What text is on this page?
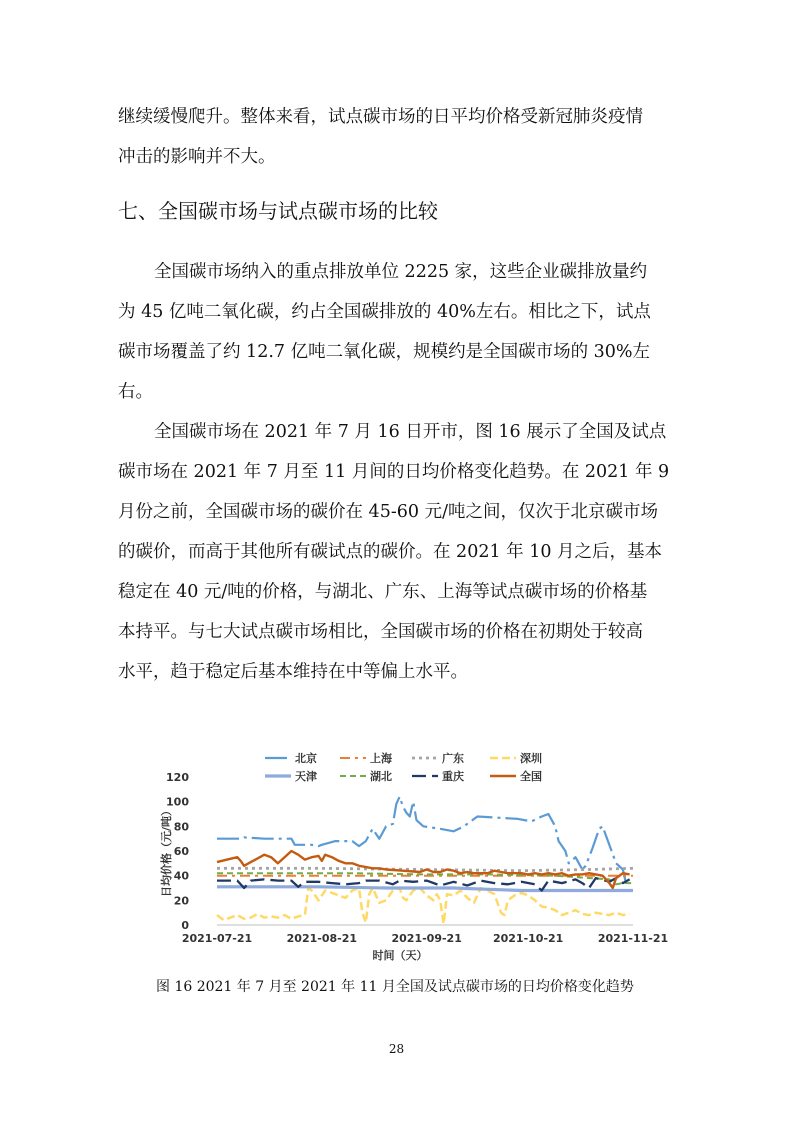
继续缓慢爬升。整体来看，试点碳市场的日平均价格受新冠肺炎疫情
冲击的影响并不大。
七、全国碳市场与试点碳市场的比较
全国碳市场纳入的重点排放单位 2225 家，这些企业碳排放量约
为 45 亿吨二氧化碳，约占全国碳排放的 40%左右。相比之下，试点
碳市场覆盖了约 12.7 亿吨二氧化碳，规模约是全国碳市场的 30%左
右。
全国碳市场在 2021 年 7 月 16 日开市，图 16 展示了全国及试点
碳市场在 2021 年 7 月至 11 月间的日均价格变化趋势。在 2021 年 9
月份之前，全国碳市场的碳价在 45-60 元/吨之间，仅次于北京碳市场
的碳价，而高于其他所有碳试点的碳价。在 2021 年 10 月之后，基本
稳定在 40 元/吨的价格，与湖北、广东、上海等试点碳市场的价格基
本持平。与七大试点碳市场相比，全国碳市场的价格在初期处于较高
水平，趋于稳定后基本维持在中等偏上水平。
0
20
40
60
80
100
120
2021-07-21	2021-08-21	2021-09-21	2021-10-21	2021-11-21
时间（天）
日均价格（元/吨）
北京	上海	广东	深圳
天津	湖北	重庆	全国
图 16 2021 年 7 月至 2021 年 11 月全国及试点碳市场的日均价格变化趋势
28
